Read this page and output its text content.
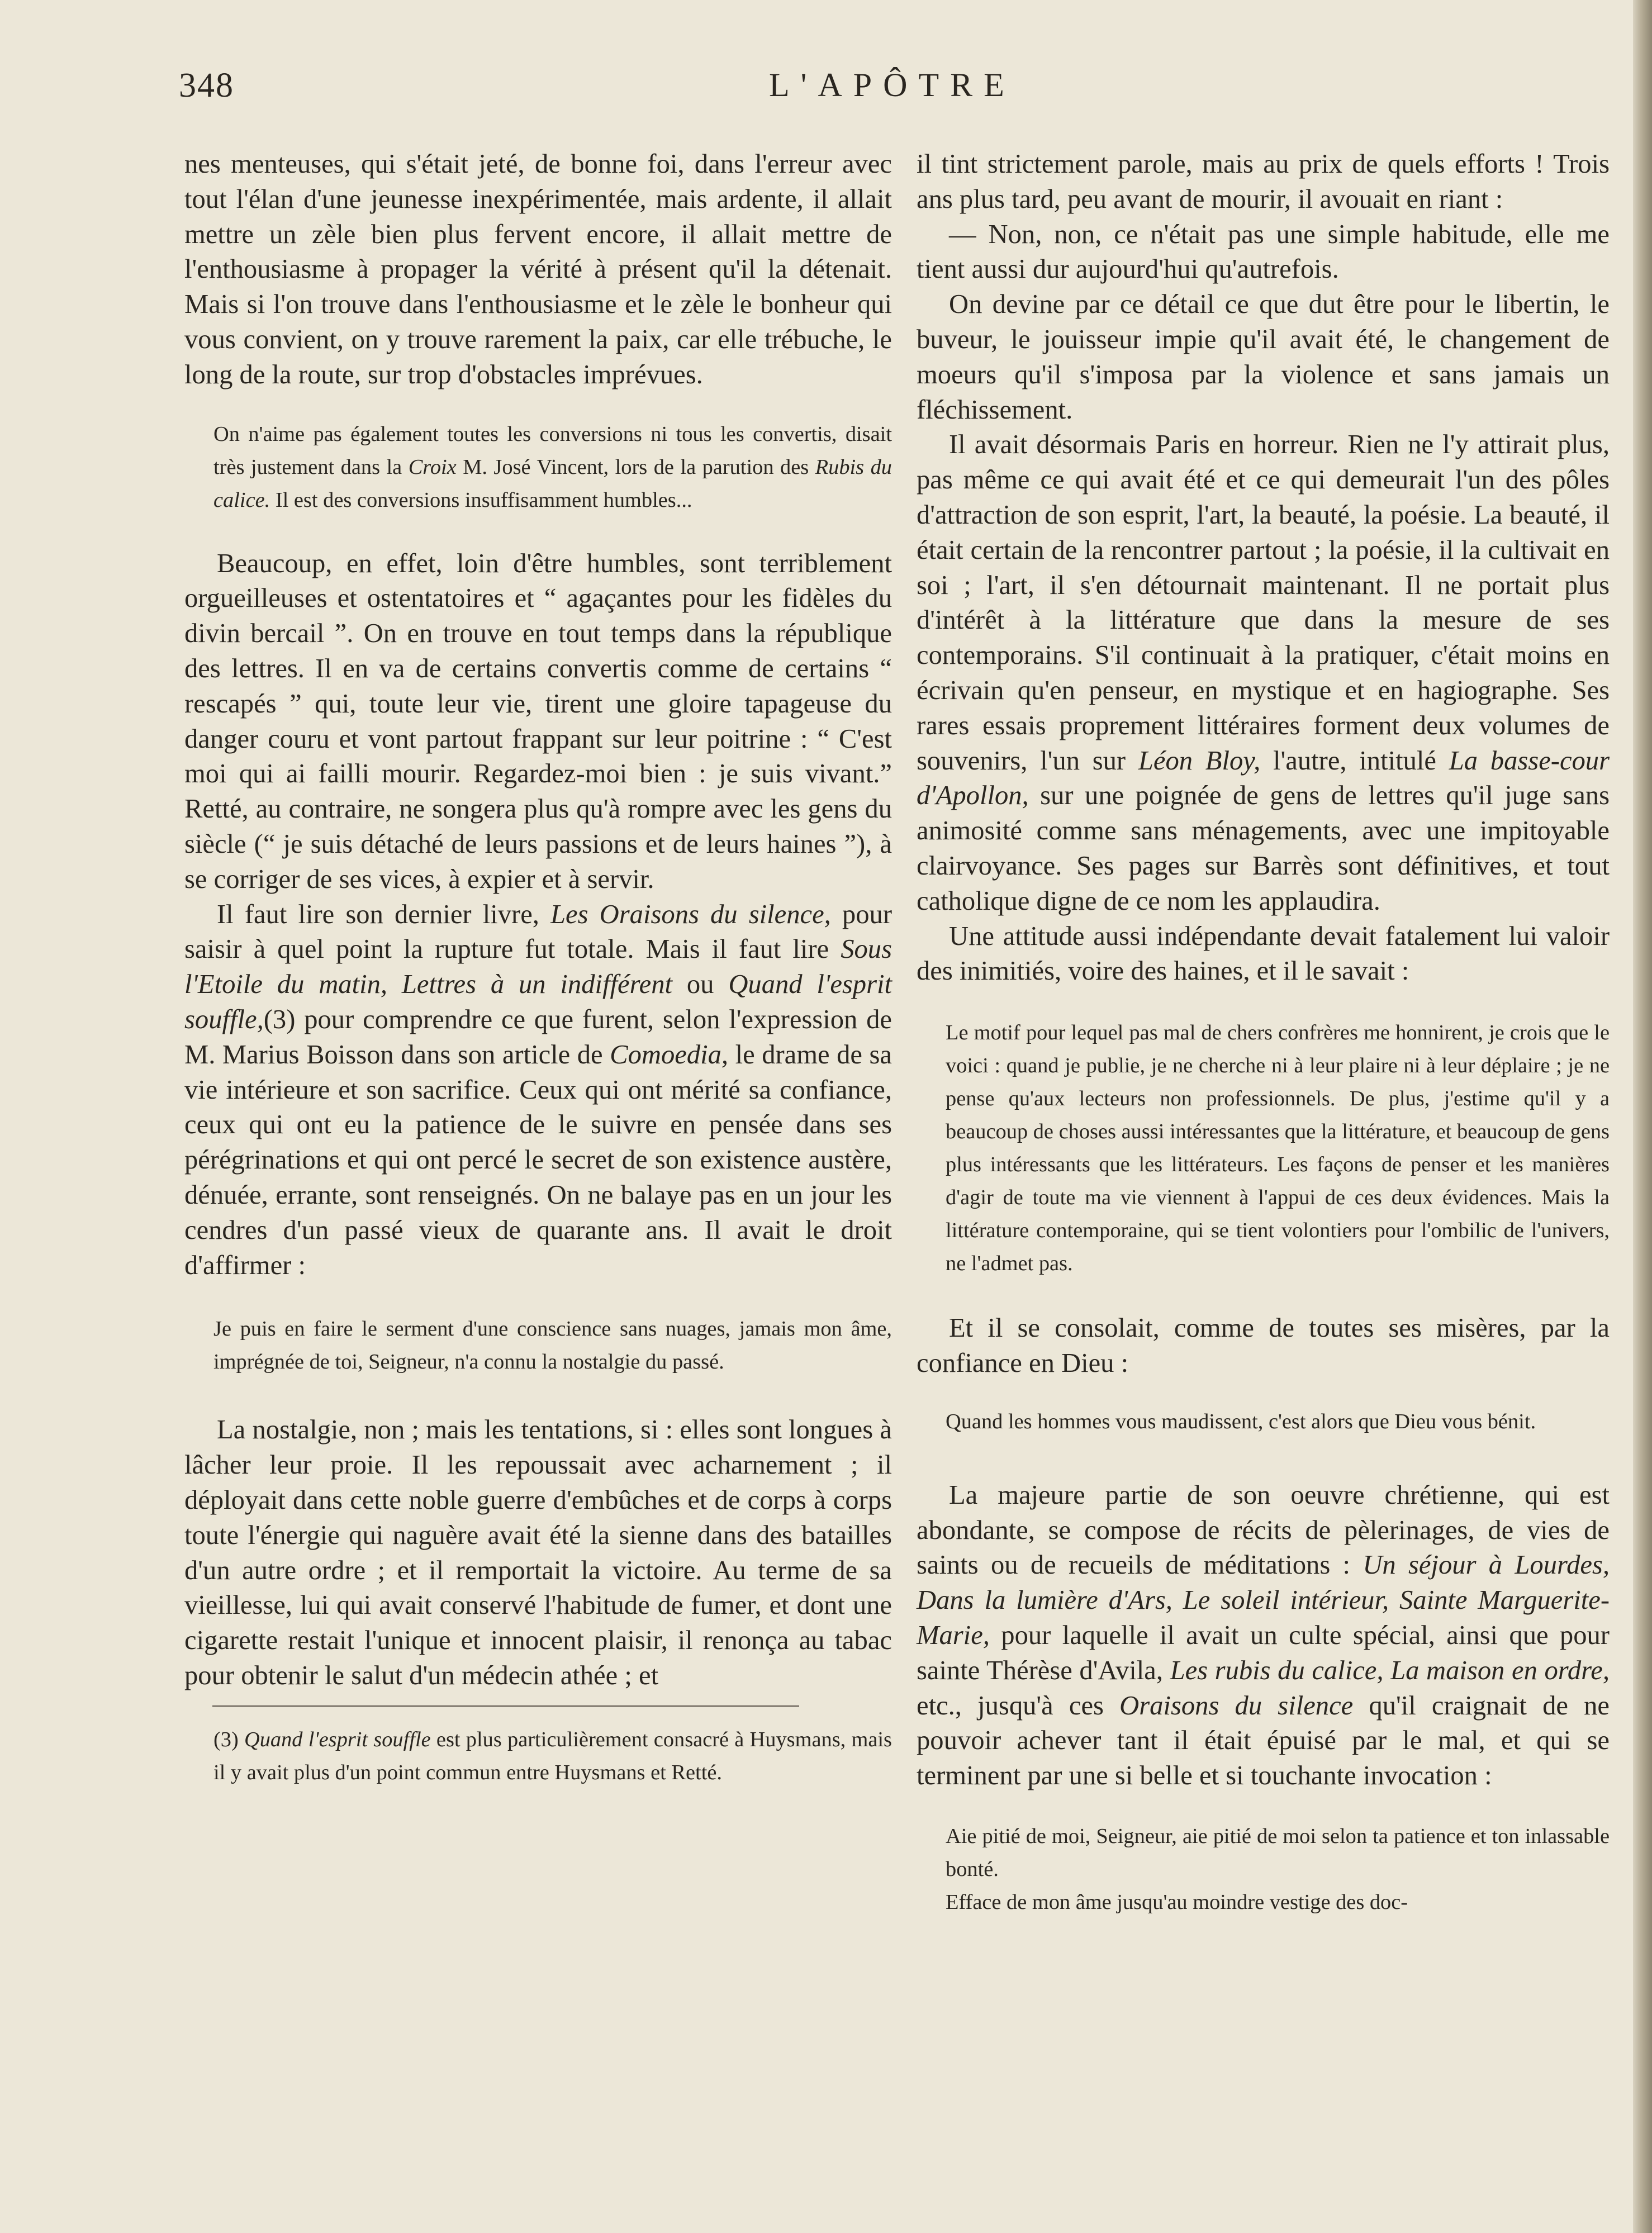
348	L'APÔTRE

nes menteuses, qui s'était jeté, de bonne foi, dans l'erreur avec tout l'élan d'une jeunesse inexpérimentée, mais ardente, il allait mettre un zèle bien plus fervent encore, il allait mettre de l'enthousiasme à propager la vérité à présent qu'il la détenait. Mais si l'on trouve dans l'enthousiasme et le zèle le bonheur qui vous convient, on y trouve rarement la paix, car elle trébuche, le long de la route, sur trop d'obstacles imprévues.

On n'aime pas également toutes les conversions ni tous les convertis, disait très justement dans la Croix M. José Vincent, lors de la parution des Rubis du calice. Il est des conversions insuffisamment humbles...

Beaucoup, en effet, loin d'être humbles, sont terriblement orgueilleuses et ostentatoires et “ agaçantes pour les fidèles du divin bercail ”. On en trouve en tout temps dans la république des lettres. Il en va de certains convertis comme de certains “ rescapés ” qui, toute leur vie, tirent une gloire tapageuse du danger couru et vont partout frappant sur leur poitrine : “ C'est moi qui ai failli mourir. Regardez-moi bien : je suis vivant.” Retté, au contraire, ne songera plus qu'à rompre avec les gens du siècle (“ je suis détaché de leurs passions et de leurs haines ”), à se corriger de ses vices, à expier et à servir.

Il faut lire son dernier livre, Les Oraisons du silence, pour saisir à quel point la rupture fut totale. Mais il faut lire Sous l'Etoile du matin, Lettres à un indifférent ou Quand l'esprit souffle,(3) pour comprendre ce que furent, selon l'expression de M. Marius Boisson dans son article de Comoedia, le drame de sa vie intérieure et son sacrifice. Ceux qui ont mérité sa confiance, ceux qui ont eu la patience de le suivre en pensée dans ses pérégrinations et qui ont percé le secret de son existence austère, dénuée, errante, sont renseignés. On ne balaye pas en un jour les cendres d'un passé vieux de quarante ans. Il avait le droit d'affirmer :

Je puis en faire le serment d'une conscience sans nuages, jamais mon âme, imprégnée de toi, Seigneur, n'a connu la nostalgie du passé.

La nostalgie, non ; mais les tentations, si : elles sont longues à lâcher leur proie. Il les repoussait avec acharnement ; il déployait dans cette noble guerre d'embûches et de corps à corps toute l'énergie qui naguère avait été la sienne dans des batailles d'un autre ordre ; et il remportait la victoire. Au terme de sa vieillesse, lui qui avait conservé l'habitude de fumer, et dont une cigarette restait l'unique et innocent plaisir, il renonça au tabac pour obtenir le salut d'un médecin athée ; et

(3) Quand l'esprit souffle est plus particulièrement consacré à Huysmans, mais il y avait plus d'un point commun entre Huysmans et Retté.

il tint strictement parole, mais au prix de quels efforts ! Trois ans plus tard, peu avant de mourir, il avouait en riant :

— Non, non, ce n'était pas une simple habitude, elle me tient aussi dur aujourd'hui qu'autrefois.

On devine par ce détail ce que dut être pour le libertin, le buveur, le jouisseur impie qu'il avait été, le changement de moeurs qu'il s'imposa par la violence et sans jamais un fléchissement.

Il avait désormais Paris en horreur. Rien ne l'y attirait plus, pas même ce qui avait été et ce qui demeurait l'un des pôles d'attraction de son esprit, l'art, la beauté, la poésie. La beauté, il était certain de la rencontrer partout ; la poésie, il la cultivait en soi ; l'art, il s'en détournait maintenant. Il ne portait plus d'intérêt à la littérature que dans la mesure de ses contemporains. S'il continuait à la pratiquer, c'était moins en écrivain qu'en penseur, en mystique et en hagiographe. Ses rares essais proprement littéraires forment deux volumes de souvenirs, l'un sur Léon Bloy, l'autre, intitulé La basse-cour d'Apollon, sur une poignée de gens de lettres qu'il juge sans animosité comme sans ménagements, avec une impitoyable clairvoyance. Ses pages sur Barrès sont définitives, et tout catholique digne de ce nom les applaudira.

Une attitude aussi indépendante devait fatalement lui valoir des inimitiés, voire des haines, et il le savait :

Le motif pour lequel pas mal de chers confrères me honnirent, je crois que le voici : quand je publie, je ne cherche ni à leur plaire ni à leur déplaire ; je ne pense qu'aux lecteurs non professionnels. De plus, j'estime qu'il y a beaucoup de choses aussi intéressantes que la littérature, et beaucoup de gens plus intéressants que les littérateurs. Les façons de penser et les manières d'agir de toute ma vie viennent à l'appui de ces deux évidences. Mais la littérature contemporaine, qui se tient volontiers pour l'ombilic de l'univers, ne l'admet pas.

Et il se consolait, comme de toutes ses misères, par la confiance en Dieu :

Quand les hommes vous maudissent, c'est alors que Dieu vous bénit.

La majeure partie de son oeuvre chrétienne, qui est abondante, se compose de récits de pèlerinages, de vies de saints ou de recueils de méditations : Un séjour à Lourdes, Dans la lumière d'Ars, Le soleil intérieur, Sainte Marguerite-Marie, pour laquelle il avait un culte spécial, ainsi que pour sainte Thérèse d'Avila, Les rubis du calice, La maison en ordre, etc., jusqu'à ces Oraisons du silence qu'il craignait de ne pouvoir achever tant il était épuisé par le mal, et qui se terminent par une si belle et si touchante invocation :

Aie pitié de moi, Seigneur, aie pitié de moi selon ta patience et ton inlassable bonté.

Efface de mon âme jusqu'au moindre vestige des doc-
